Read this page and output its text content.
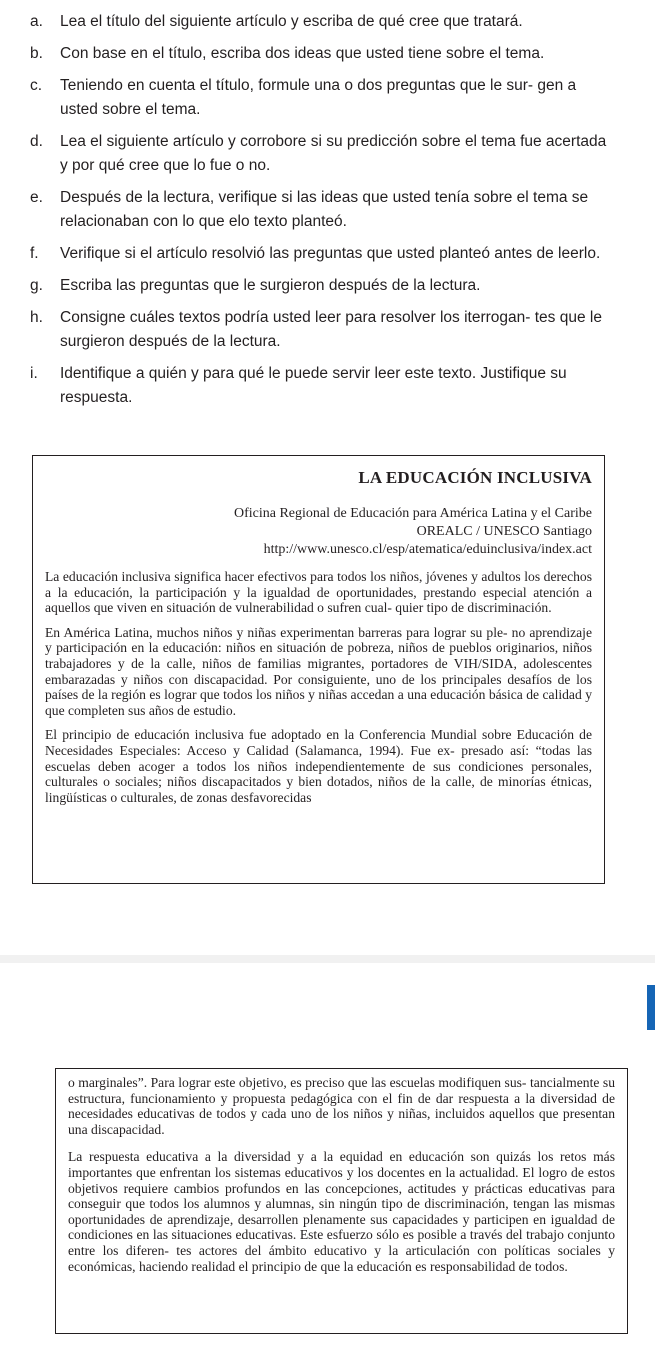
a.	Lea el título del siguiente artículo y escriba de qué cree que tratará.
b.	Con base en el título, escriba dos ideas que usted tiene sobre el tema.
c.	Teniendo en cuenta el título, formule una o dos preguntas que le sur- gen a usted sobre el tema.
d.	Lea el siguiente artículo y corrobore si su predicción sobre el tema fue acertada y por qué cree que lo fue o no.
e.	Después de la lectura, verifique si las ideas que usted tenía sobre el tema se relacionaban con lo que elo texto planteó.
f.	Verifique si el artículo resolvió las preguntas que usted planteó antes de leerlo.
g.	Escriba las preguntas que le surgieron después de la lectura.
h.	Consigne cuáles textos podría usted leer para resolver los iterrogan- tes que le surgieron después de la lectura.
i.	Identifique a quién y para qué le puede servir leer este texto. Justifique su respuesta.
LA EDUCACIÓN INCLUSIVA
Oficina Regional de Educación para América Latina y el Caribe
OREALC / UNESCO Santiago
http://www.unesco.cl/esp/atematica/eduinclusiva/index.act

La educación inclusiva significa hacer efectivos para todos los niños, jóvenes y adultos los derechos a la educación, la participación y la igualdad de oportunidades, prestando especial atención a aquellos que viven en situación de vulnerabilidad o sufren cual- quier tipo de discriminación.

En América Latina, muchos niños y niñas experimentan barreras para lograr su ple- no aprendizaje y participación en la educación: niños en situación de pobreza, niños de pueblos originarios, niños trabajadores y de la calle, niños de familias migrantes, portadores de VIH/SIDA, adolescentes embarazadas y niños con discapacidad. Por consiguiente, uno de los principales desafíos de los países de la región es lograr que todos los niños y niñas accedan a una educación básica de calidad y que completen sus años de estudio.

El principio de educación inclusiva fue adoptado en la Conferencia Mundial sobre Educación de Necesidades Especiales: Acceso y Calidad (Salamanca, 1994). Fue ex- presado así: “todas las escuelas deben acoger a todos los niños independientemente de sus condiciones personales, culturales o sociales; niños discapacitados y bien dotados, niños de la calle, de minorías étnicas, lingüísticas o culturales, de zonas desfavorecidas

o marginales”. Para lograr este objetivo, es preciso que las escuelas modifiquen sus- tancialmente su estructura, funcionamiento y propuesta pedagógica con el fin de dar respuesta a la diversidad de necesidades educativas de todos y cada uno de los niños y niñas, incluidos aquellos que presentan una discapacidad.

La respuesta educativa a la diversidad y a la equidad en educación son quizás los retos más importantes que enfrentan los sistemas educativos y los docentes en la actualidad. El logro de estos objetivos requiere cambios profundos en las concepciones, actitudes y prácticas educativas para conseguir que todos los alumnos y alumnas, sin ningún tipo de discriminación, tengan las mismas oportunidades de aprendizaje, desarrollen plenamente sus capacidades y participen en igualdad de condiciones en las situaciones educativas. Este esfuerzo sólo es posible a través del trabajo conjunto entre los diferen- tes actores del ámbito educativo y la articulación con políticas sociales y económicas, haciendo realidad el principio de que la educación es responsabilidad de todos.
